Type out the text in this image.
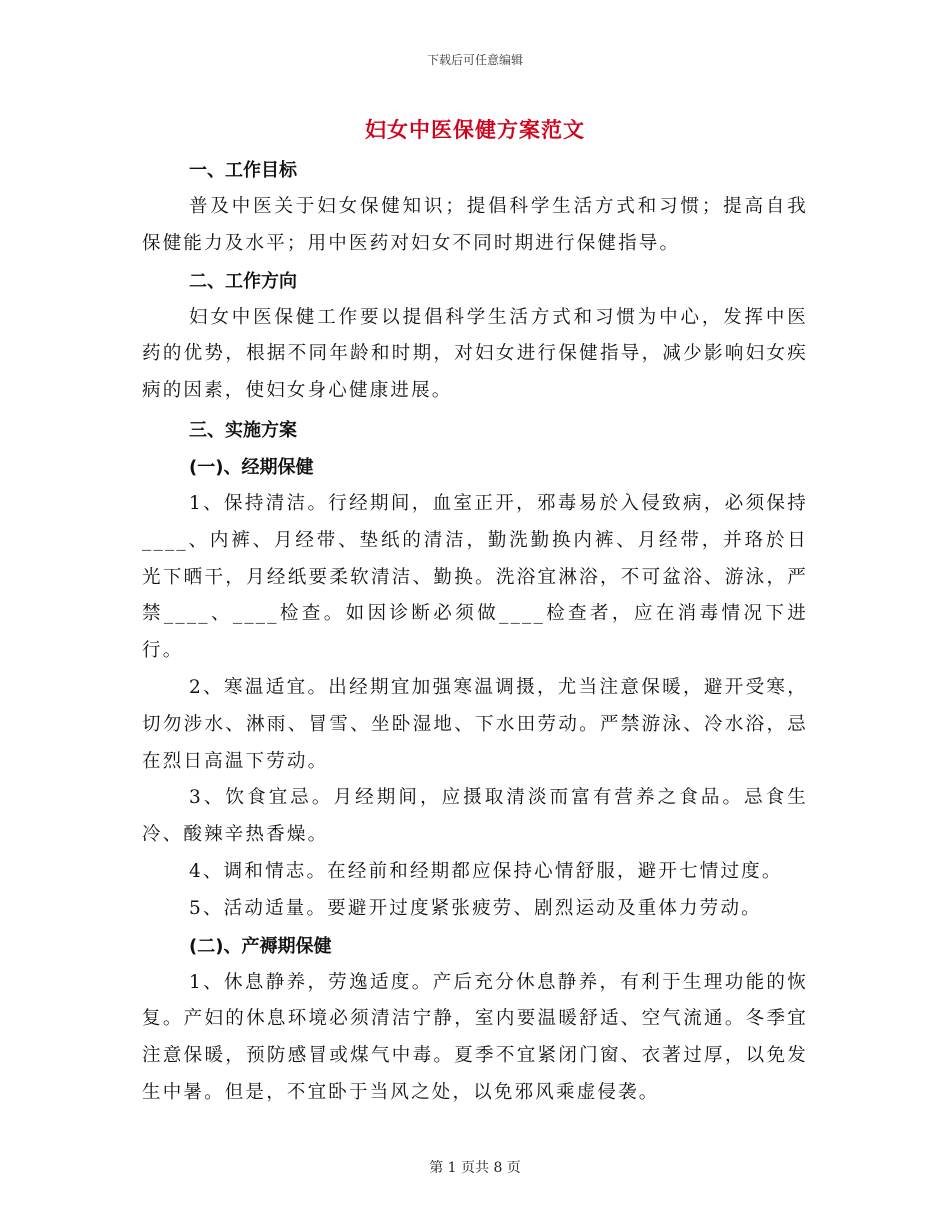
下载后可任意编辑
妇女中医保健方案范文
一、工作目标

普及中医关于妇女保健知识；提倡科学生活方式和习惯；提高自我保健能力及水平；用中医药对妇女不同时期进行保健指导。

二、工作方向

妇女中医保健工作要以提倡科学生活方式和习惯为中心，发挥中医药的优势，根据不同年龄和时期，对妇女进行保健指导，减少影响妇女疾病的因素，使妇女身心健康进展。

三、实施方案
(一)、经期保健

1、保持清洁。行经期间，血室正开，邪毒易於入侵致病，必须保持____、内裤、月经带、垫纸的清洁，勤洗勤换内裤、月经带，并珞於日光下晒干，月经纸要柔软清洁、勤换。洗浴宜淋浴，不可盆浴、游泳，严禁____、____检查。如因诊断必须做____检查者，应在消毒情况下进行。

2、寒温适宜。出经期宜加强寒温调摄，尤当注意保暖，避开受寒，切勿涉水、淋雨、冒雪、坐卧湿地、下水田劳动。严禁游泳、冷水浴，忌在烈日高温下劳动。

3、饮食宜忌。月经期间，应摄取清淡而富有营养之食品。忌食生冷、酸辣辛热香燥。

4、调和情志。在经前和经期都应保持心情舒服，避开七情过度。

5、活动适量。要避开过度紧张疲劳、剧烈运动及重体力劳动。

(二)、产褥期保健

1、休息静养，劳逸适度。产后充分休息静养，有利于生理功能的恢复。产妇的休息环境必须清洁宁静，室内要温暖舒适、空气流通。冬季宜注意保暖，预防感冒或煤气中毒。夏季不宜紧闭门窗、衣著过厚，以免发生中暑。但是，不宜卧于当风之处，以免邪风乘虚侵袭。

第 1 页共 8 页
